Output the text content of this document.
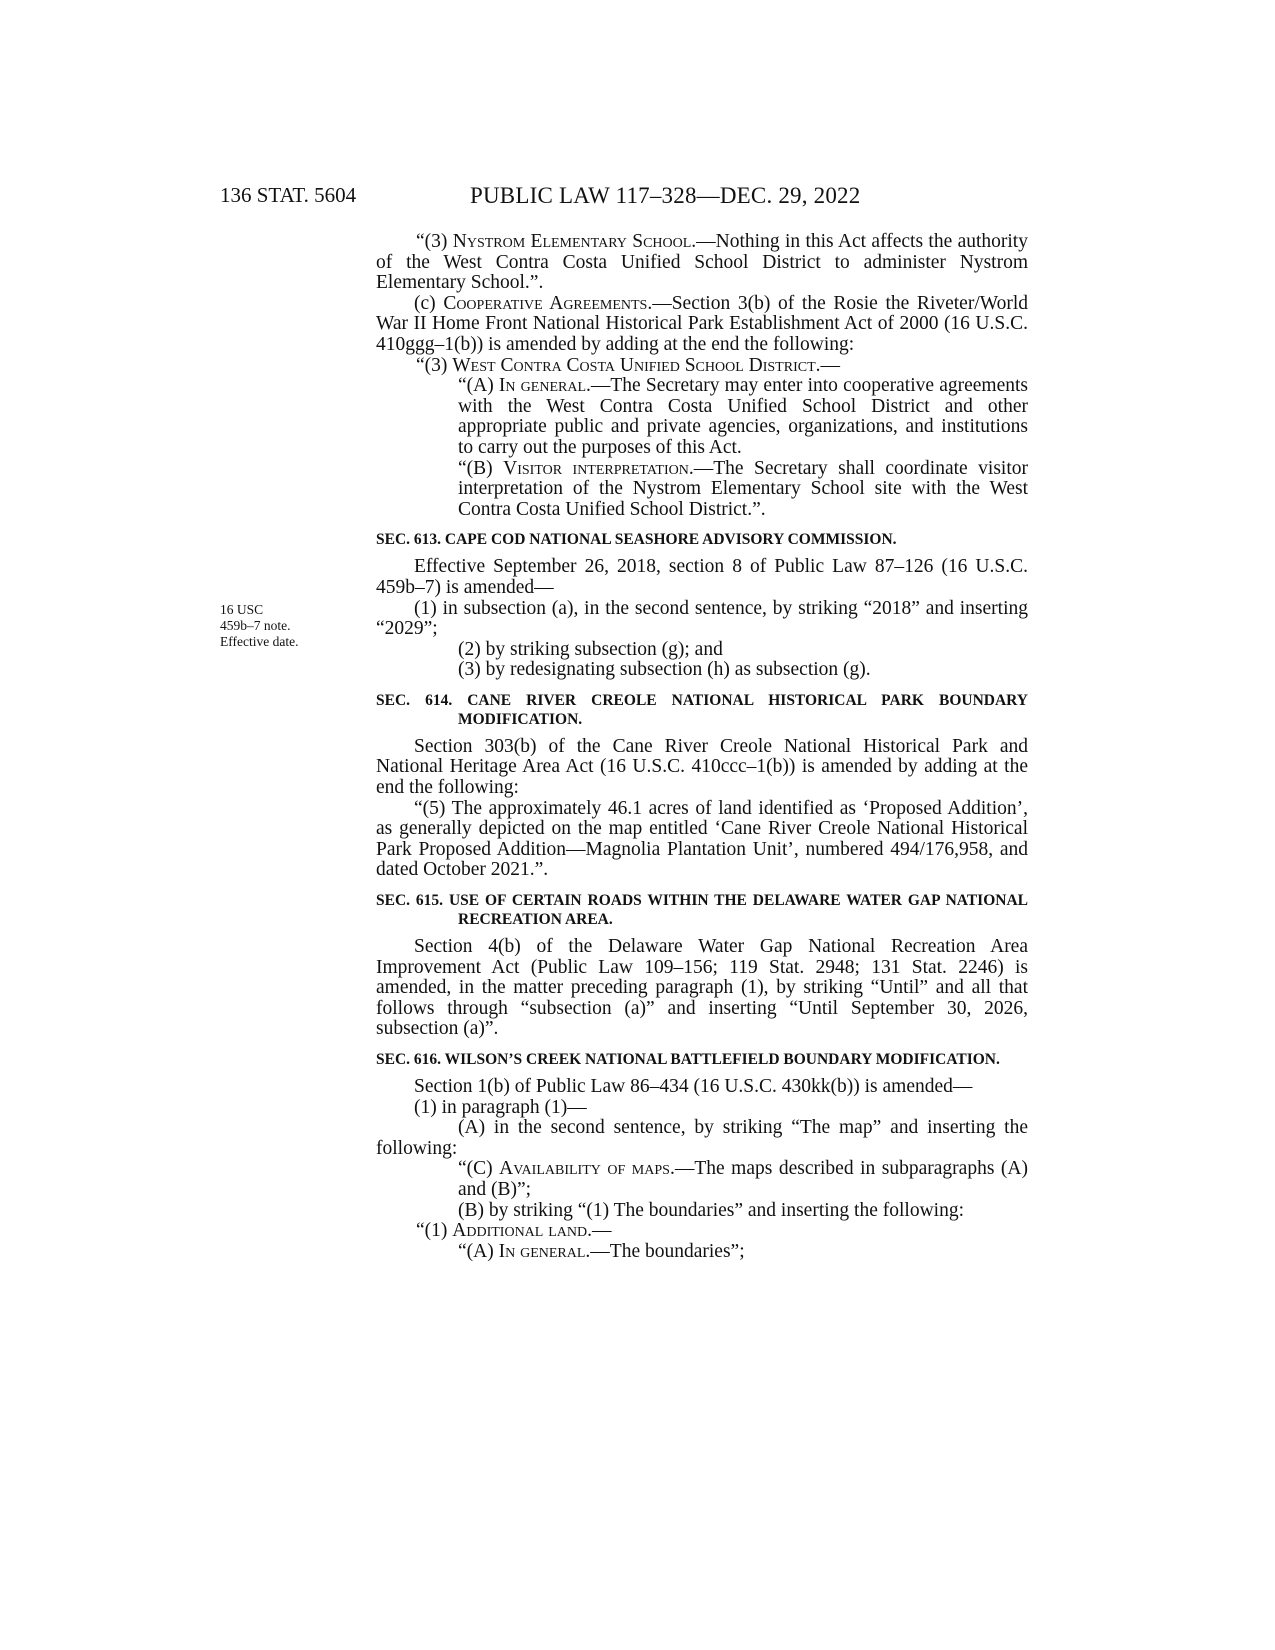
136 STAT. 5604	PUBLIC LAW 117–328—DEC. 29, 2022
16 USC
459b–7 note.
Effective date.

“(3) Nystrom Elementary School.—Nothing in this Act affects the authority of the West Contra Costa Unified School District to administer Nystrom Elementary School.”.

(c) Cooperative Agreements.—Section 3(b) of the Rosie the Riveter/World War II Home Front National Historical Park Establishment Act of 2000 (16 U.S.C. 410ggg–1(b)) is amended by adding at the end the following:

“(3) West Contra Costa Unified School District.—

“(A) In general.—The Secretary may enter into cooperative agreements with the West Contra Costa Unified School District and other appropriate public and private agencies, organizations, and institutions to carry out the purposes of this Act.

“(B) Visitor interpretation.—The Secretary shall coordinate visitor interpretation of the Nystrom Elementary School site with the West Contra Costa Unified School District.”.

SEC. 613. CAPE COD NATIONAL SEASHORE ADVISORY COMMISSION.

Effective September 26, 2018, section 8 of Public Law 87–126 (16 U.S.C. 459b–7) is amended—

(1) in subsection (a), in the second sentence, by striking “2018” and inserting “2029”;

(2) by striking subsection (g); and

(3) by redesignating subsection (h) as subsection (g).

SEC. 614. CANE RIVER CREOLE NATIONAL HISTORICAL PARK BOUNDARY MODIFICATION.

Section 303(b) of the Cane River Creole National Historical Park and National Heritage Area Act (16 U.S.C. 410ccc–1(b)) is amended by adding at the end the following:

“(5) The approximately 46.1 acres of land identified as ‘Proposed Addition’, as generally depicted on the map entitled ‘Cane River Creole National Historical Park Proposed Addition—Magnolia Plantation Unit’, numbered 494/176,958, and dated October 2021.”.

SEC. 615. USE OF CERTAIN ROADS WITHIN THE DELAWARE WATER GAP NATIONAL RECREATION AREA.

Section 4(b) of the Delaware Water Gap National Recreation Area Improvement Act (Public Law 109–156; 119 Stat. 2948; 131 Stat. 2246) is amended, in the matter preceding paragraph (1), by striking “Until” and all that follows through “subsection (a)” and inserting “Until September 30, 2026, subsection (a)”.

SEC. 616. WILSON’S CREEK NATIONAL BATTLEFIELD BOUNDARY MODIFICATION.

Section 1(b) of Public Law 86–434 (16 U.S.C. 430kk(b)) is amended—

(1) in paragraph (1)—

(A) in the second sentence, by striking “The map” and inserting the following:

“(C) Availability of maps.—The maps described in subparagraphs (A) and (B)”;

(B) by striking “(1) The boundaries” and inserting the following:

“(1) Additional land.—

“(A) In general.—The boundaries”;
